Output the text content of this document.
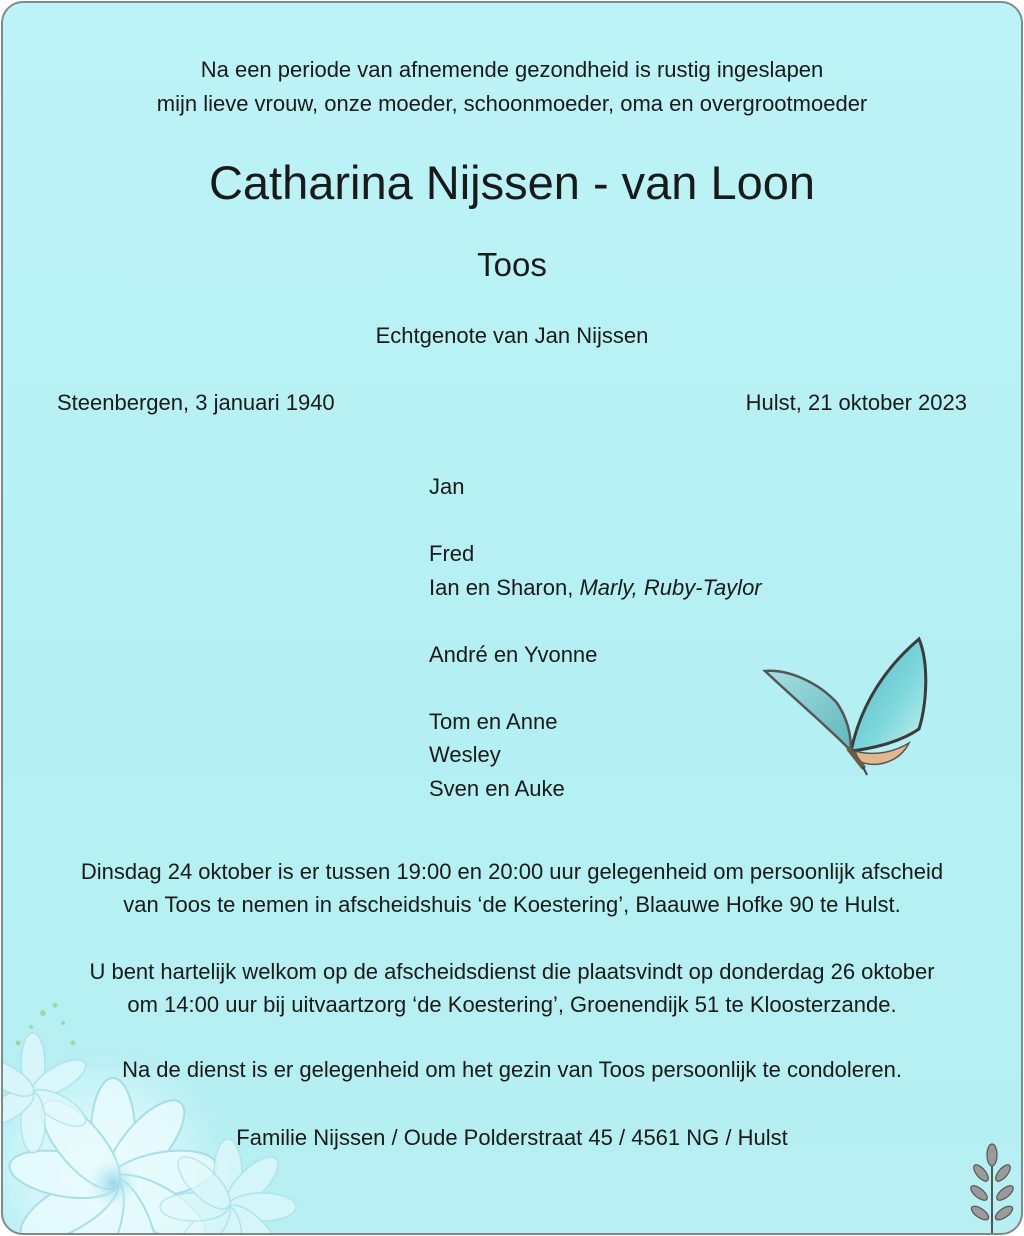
Na een periode van afnemende gezondheid is rustig ingeslapen
mijn lieve vrouw, onze moeder, schoonmoeder, oma en overgrootmoeder
Catharina Nijssen - van Loon
Toos
Echtgenote van Jan Nijssen
Steenbergen, 3 januari 1940	Hulst, 21 oktober 2023
Jan
Fred
Ian en Sharon, Marly, Ruby-Taylor
André en Yvonne
Tom en Anne
Wesley
Sven en Auke
Dinsdag 24 oktober is er tussen 19:00 en 20:00 uur gelegenheid om persoonlijk afscheid
van Toos te nemen in afscheidshuis ‘de Koestering’, Blaauwe Hofke 90 te Hulst.
U bent hartelijk welkom op de afscheidsdienst die plaatsvindt op donderdag 26 oktober
om 14:00 uur bij uitvaartzorg ‘de Koestering’, Groenendijk 51 te Kloosterzande.
Na de dienst is er gelegenheid om het gezin van Toos persoonlijk te condoleren.
Familie Nijssen / Oude Polderstraat 45 / 4561 NG / Hulst
